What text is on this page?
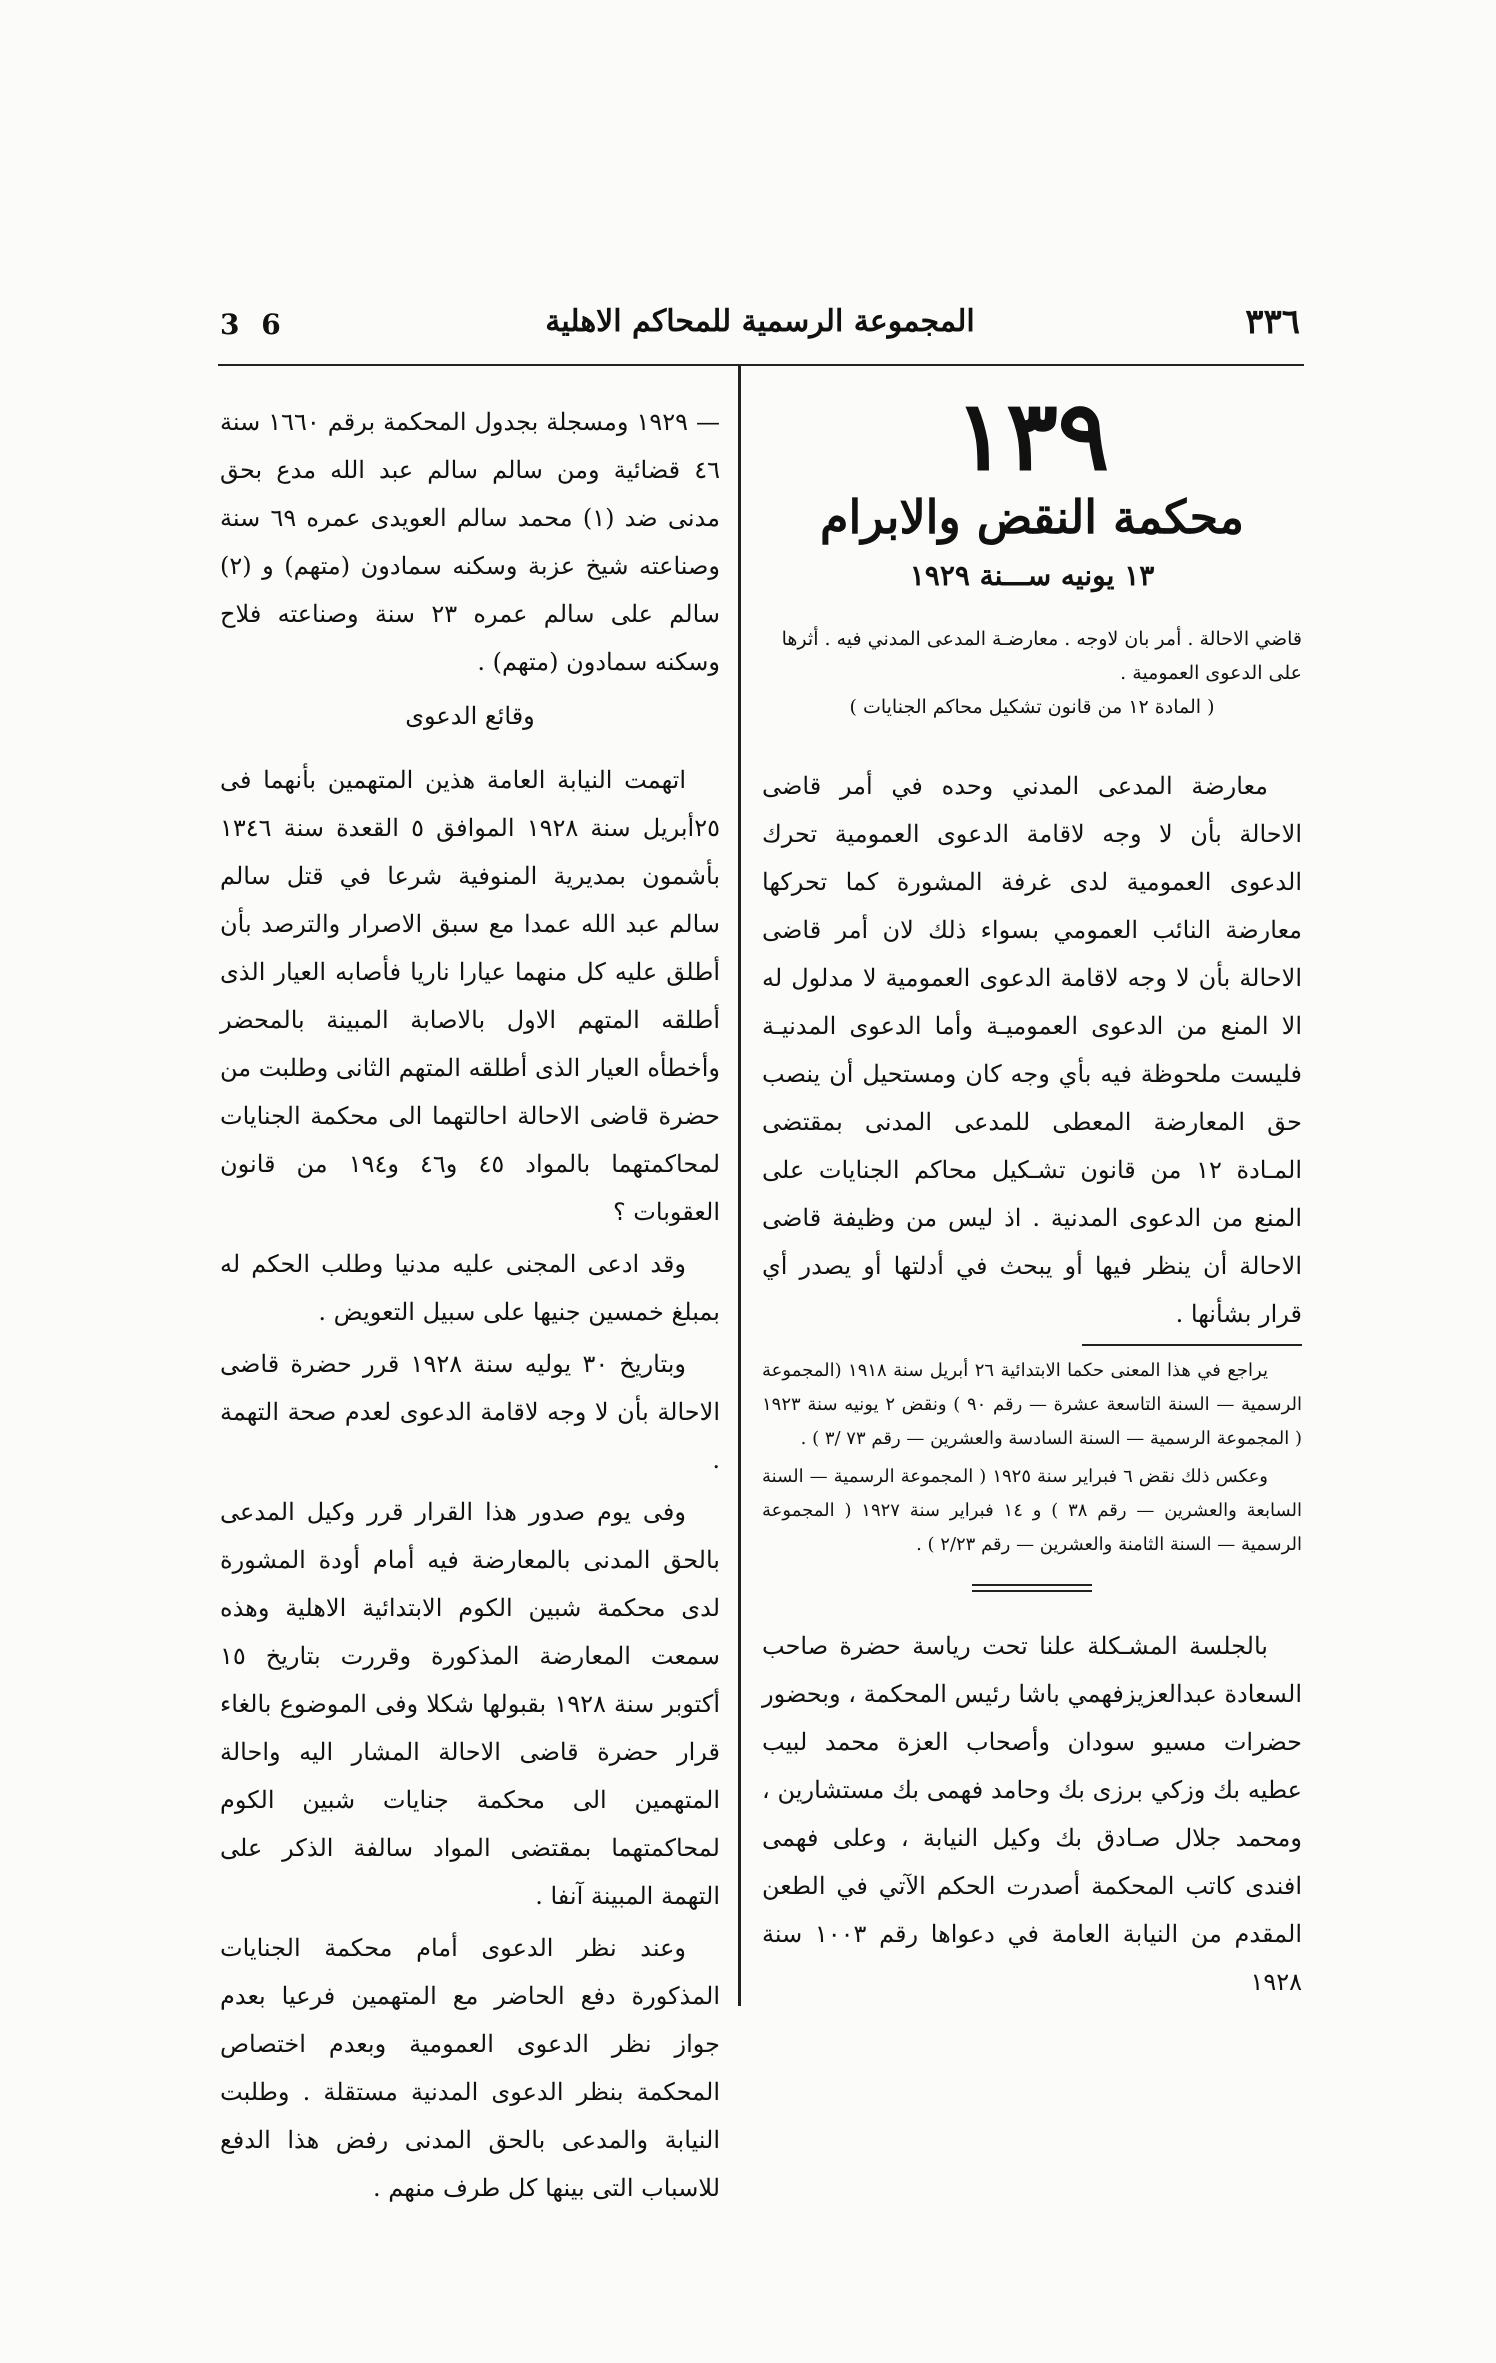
3 6	المجموعة الرسمية للمحاكم الاهلية	٣٣٦
١٣٩
محكمة النقض والابرام
١٣ يونيه ســـنة ١٩٢٩
قاضي الاحالة . أمر بان لاوجه . معارضـة المدعى المدني فيه . أثرها على الدعوى العمومية .
( المادة ١٢ من قانون تشكيل محاكم الجنايات )

معارضة المدعى المدني وحده في أمر قاضى الاحالة بأن لا وجه لاقامة الدعوى العمومية تحرك الدعوى العمومية لدى غرفة المشورة كما تحركها معارضة النائب العمومي بسواء ذلك لان أمر قاضى الاحالة بأن لا وجه لاقامة الدعوى العمومية لا مدلول له الا المنع من الدعوى العموميـة وأما الدعوى المدنيـة فليست ملحوظة فيه بأي وجه كان ومستحيل أن ينصب حق المعارضة المعطى للمدعى المدنى بمقتضى المـادة ١٢ من قانون تشـكيل محاكم الجنايات على المنع من الدعوى المدنية . اذ ليس من وظيفة قاضى الاحالة أن ينظر فيها أو يبحث في أدلتها أو يصدر أي قرار بشأنها .

يراجع في هذا المعنى حكما الابتدائية ٢٦ أبريل سنة ١٩١٨ (المجموعة الرسمية — السنة التاسعة عشرة — رقم ٩٠ ) ونقض ٢ يونيه سنة ١٩٢٣ ( المجموعة الرسمية — السنة السادسة والعشرين — رقم ٧٣ /٣ ) .

وعكس ذلك نقض ٦ فبراير سنة ١٩٢٥ ( المجموعة الرسمية — السنة السابعة والعشرين — رقم ٣٨ ) و ١٤ فبراير سنة ١٩٢٧ ( المجموعة الرسمية — السنة الثامنة والعشرين — رقم ٢/٢٣ ) .

بالجلسة المشـكلة علنا تحت رياسة حضرة صاحب السعادة عبدالعزيزفهمي باشا رئيس المحكمة ، وبحضور حضرات مسيو سودان وأصحاب العزة محمد لبيب عطيه بك وزكي برزى بك وحامد فهمى بك مستشارين ، ومحمد جلال صـادق بك وكيل النيابة ، وعلى فهمى افندى كاتب المحكمة أصدرت الحكم الآتي في الطعن المقدم من النيابة العامة في دعواها رقم ١٠٠٣ سنة ١٩٢٨

— ١٩٢٩ ومسجلة بجدول المحكمة برقم ١٦٦٠ سنة ٤٦ قضائية ومن سالم سالم عبد الله مدع بحق مدنى ضد (١) محمد سالم العويدى عمره ٦٩ سنة وصناعته شيخ عزبة وسكنه سمادون (متهم) و (٢) سالم على سالم عمره ٢٣ سنة وصناعته فلاح وسكنه سمادون (متهم) .

وقائع الدعوى

اتهمت النيابة العامة هذين المتهمين بأنهما فى ٢٥أبريل سنة ١٩٢٨ الموافق ٥ القعدة سنة ١٣٤٦ بأشمون بمديرية المنوفية شرعا في قتل سالم سالم عبد الله عمدا مع سبق الاصرار والترصد بأن أطلق عليه كل منهما عيارا ناريا فأصابه العيار الذى أطلقه المتهم الاول بالاصابة المبينة بالمحضر وأخطأه العيار الذى أطلقه المتهم الثانى وطلبت من حضرة قاضى الاحالة احالتهما الى محكمة الجنايات لمحاكمتهما بالمواد ٤٥ و٤٦ و١٩٤ من قانون العقوبات ؟

وقد ادعى المجنى عليه مدنيا وطلب الحكم له بمبلغ خمسين جنيها على سبيل التعويض .

وبتاريخ ٣٠ يوليه سنة ١٩٢٨ قرر حضرة قاضى الاحالة بأن لا وجه لاقامة الدعوى لعدم صحة التهمة .

وفى يوم صدور هذا القرار قرر وكيل المدعى بالحق المدنى بالمعارضة فيه أمام أودة المشورة لدى محكمة شبين الكوم الابتدائية الاهلية وهذه سمعت المعارضة المذكورة وقررت بتاريخ ١٥ أكتوبر سنة ١٩٢٨ بقبولها شكلا وفى الموضوع بالغاء قرار حضرة قاضى الاحالة المشار اليه واحالة المتهمين الى محكمة جنايات شبين الكوم لمحاكمتهما بمقتضى المواد سالفة الذكر على التهمة المبينة آنفا .

وعند نظر الدعوى أمام محكمة الجنايات المذكورة دفع الحاضر مع المتهمين فرعيا بعدم جواز نظر الدعوى العمومية وبعدم اختصاص المحكمة بنظر الدعوى المدنية مستقلة . وطلبت النيابة والمدعى بالحق المدنى رفض هذا الدفع للاسباب التى بينها كل طرف منهم .
